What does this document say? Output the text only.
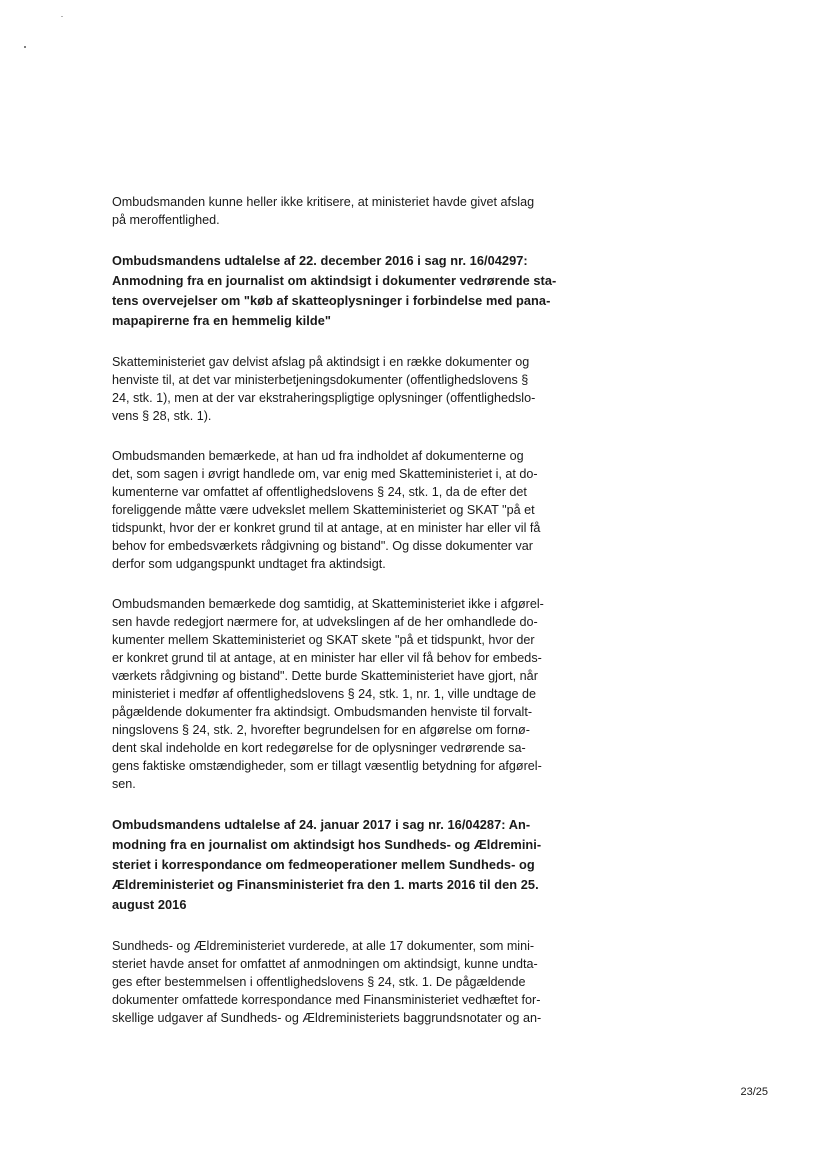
Ombudsmanden kunne heller ikke kritisere, at ministeriet havde givet afslag
på meroffentlighed.

Ombudsmandens udtalelse af 22. december 2016 i sag nr. 16/04297:
Anmodning fra en journalist om aktindsigt i dokumenter vedrørende sta-
tens overvejelser om "køb af skatteoplysninger i forbindelse med pana-
mapapirerne fra en hemmelig kilde"

Skatteministeriet gav delvist afslag på aktindsigt i en række dokumenter og
henviste til, at det var ministerbetjeningsdokumenter (offentlighedslovens §
24, stk. 1), men at der var ekstraheringspligtige oplysninger (offentlighedslo-
vens § 28, stk. 1).

Ombudsmanden bemærkede, at han ud fra indholdet af dokumenterne og
det, som sagen i øvrigt handlede om, var enig med Skatteministeriet i, at do-
kumenterne var omfattet af offentlighedslovens § 24, stk. 1, da de efter det
foreliggende måtte være udvekslet mellem Skatteministeriet og SKAT "på et
tidspunkt, hvor der er konkret grund til at antage, at en minister har eller vil få
behov for embedsværkets rådgivning og bistand". Og disse dokumenter var
derfor som udgangspunkt undtaget fra aktindsigt.

Ombudsmanden bemærkede dog samtidig, at Skatteministeriet ikke i afgørel-
sen havde redegjort nærmere for, at udvekslingen af de her omhandlede do-
kumenter mellem Skatteministeriet og SKAT skete "på et tidspunkt, hvor der
er konkret grund til at antage, at en minister har eller vil få behov for embeds-
værkets rådgivning og bistand". Dette burde Skatteministeriet have gjort, når
ministeriet i medfør af offentlighedslovens § 24, stk. 1, nr. 1, ville undtage de
pågældende dokumenter fra aktindsigt. Ombudsmanden henviste til forvalt-
ningslovens § 24, stk. 2, hvorefter begrundelsen for en afgørelse om fornø-
dent skal indeholde en kort redegørelse for de oplysninger vedrørende sa-
gens faktiske omstændigheder, som er tillagt væsentlig betydning for afgørel-
sen.

Ombudsmandens udtalelse af 24. januar 2017 i sag nr. 16/04287: An-
modning fra en journalist om aktindsigt hos Sundheds- og Ældremini-
steriet i korrespondance om fedmeoperationer mellem Sundheds- og
Ældreministeriet og Finansministeriet fra den 1. marts 2016 til den 25.
august 2016

Sundheds- og Ældreministeriet vurderede, at alle 17 dokumenter, som mini-
steriet havde anset for omfattet af anmodningen om aktindsigt, kunne undta-
ges efter bestemmelsen i offentlighedslovens § 24, stk. 1. De pågældende
dokumenter omfattede korrespondance med Finansministeriet vedhæftet for-
skellige udgaver af Sundheds- og Ældreministeriets baggrundsnotater og an-

23/25
